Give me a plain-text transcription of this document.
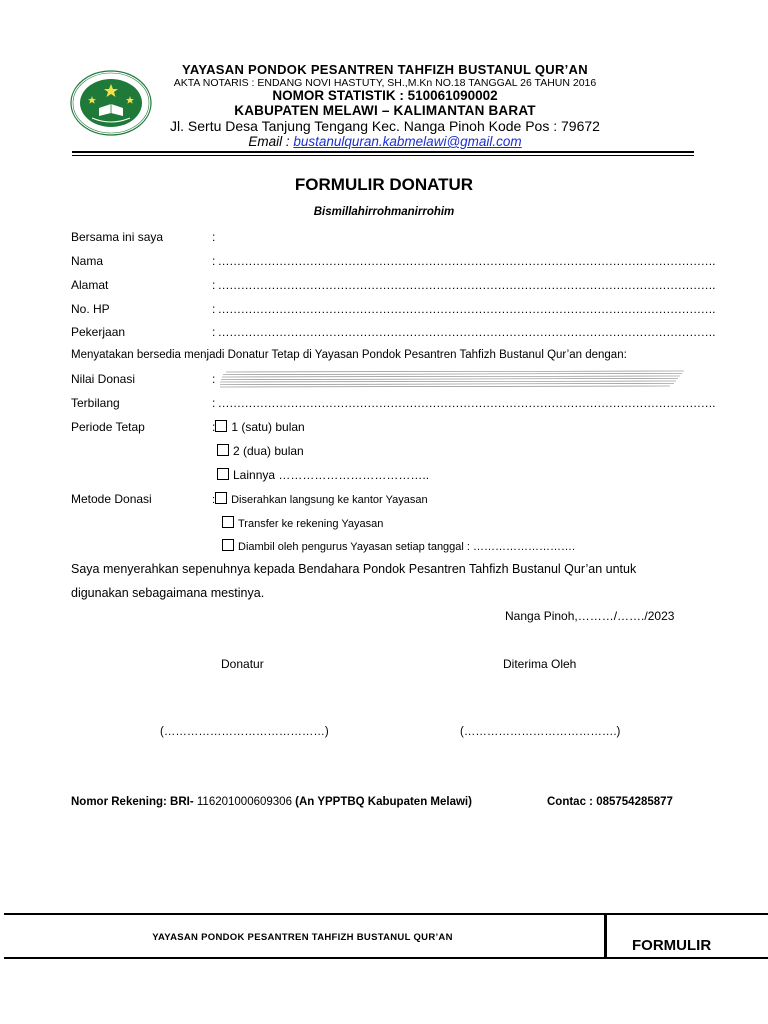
YAYASAN PONDOK PESANTREN TAHFIZH BUSTANUL QUR’AN
AKTA NOTARIS : ENDANG NOVI HASTUTY, SH.,M.Kn NO.18 TANGGAL 26 TAHUN 2016
NOMOR STATISTIK : 510061090002
KABUPATEN MELAWI – KALIMANTAN BARAT
Jl. Sertu Desa Tanjung Tengang Kec. Nanga Pinoh Kode Pos : 79672
Email : bustanulquran.kabmelawi@gmail.com
FORMULIR DONATUR
Bismillahirrohmanirrohim
Bersama ini saya	:
Nama	: ………………………………………………………………………………………………………………….
Alamat	: ………………………………………………………………………………………………………………….
No. HP	: ………………………………………………………………………………………………………………….
Pekerjaan	: ………………………………………………………………………………………………………………….
Menyatakan bersedia menjadi Donatur Tetap di Yayasan Pondok Pesantren Tahfizh Bustanul Qur’an dengan:
Nilai Donasi	:
Terbilang	: ………………………………………………………………………………………………………………….
Periode Tetap	: 1 (satu) bulan
2 (dua) bulan
Lainnya ………………………………..
Metode Donasi	: Diserahkan langsung ke kantor Yayasan
Transfer ke rekening Yayasan
Diambil oleh pengurus Yayasan setiap tanggal : ……………………….
Saya menyerahkan sepenuhnya kepada Bendahara Pondok Pesantren Tahfizh Bustanul Qur’an untuk
digunakan sebagaimana mestinya.
Nanga Pinoh,………/……./2023
Donatur	Diterima Oleh
(……………………………………)	(………………………………….)
Nomor Rekening: BRI- 116201000609306 (An YPPTBQ Kabupaten Melawi)	Contac : 085754285877
YAYASAN PONDOK PESANTREN TAHFIZH BUSTANUL QUR’AN	FORMULIR
